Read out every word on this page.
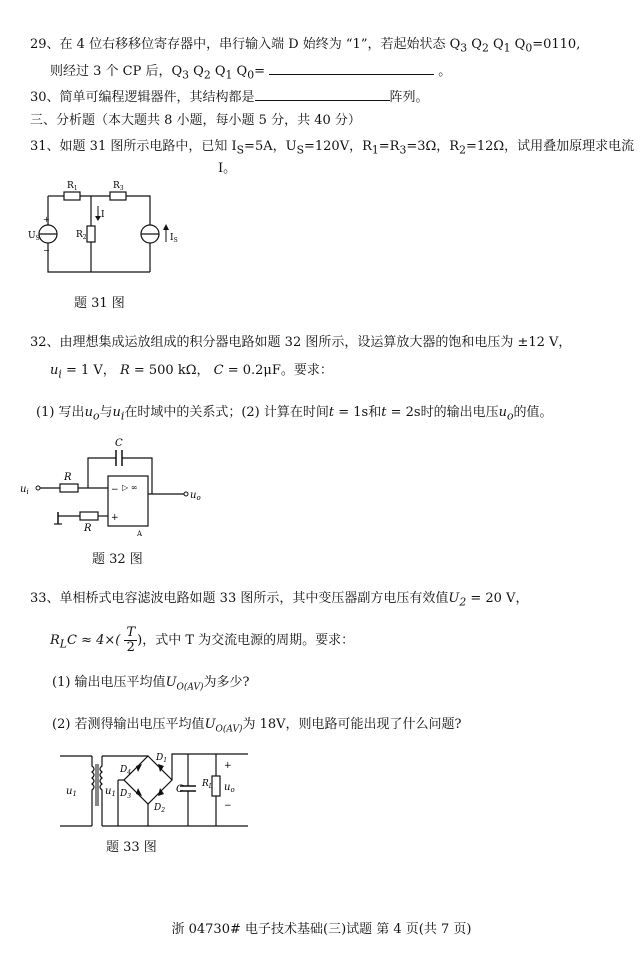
29、在 4 位右移移位寄存器中，串行输入端 D 始终为 “1”，若起始状态 $Q_3$ $Q_2$ $Q_1$ $Q_0=0110$,
则经过 3 个 CP 后，$Q_3$ $Q_2$ $Q_1$ $Q_0=$	。
30、简单可编程逻辑器件，其结构都是	阵列。
三、分析题（本大题共 8 小题，每小题 5 分，共 40 分）
31、如题 31 图所示电路中，已知 $I_S=5A$，$U_S=120V$，$R_1=R_3=3\Omega$，$R_2=12\Omega$，试用叠加原理求电流
I。
$R_1$	$R_3$
$R_2$
I
$U_S$
+
−
$I_S$
题 31 图
32、由理想集成运放组成的积分器电路如题 32 图所示，设运算放大器的饱和电压为 ±12 V，
$u_i = 1$ V， R = 500 kΩ， C = 0.2μF。要求：
(1) 写出$u_o$与$u_i$在时域中的关系式；(2) 计算在时间t = 1s和t = 2s时的输出电压$u_o$的值。
C
R
R
$u_i$	$u_o$
▷ ∞
−
+
A
题 32 图
33、单相桥式电容滤波电路如题 33 图所示，其中变压器副方电压有效值$U_2 = 20$ V，
$R_LC \approx 4\times( \frac{T}{2}$ )，式中 T 为交流电源的周期。要求：
(1) 输出电压平均值$U_{O(AV)}$为多少?
(2) 若测得输出电压平均值$U_{O(AV)}$为 18V，则电路可能出现了什么问题?
$u_1$	$u_1$
$D_1$
$D_4$
$D_3$
$D_2$
C $R_L$
+
$u_o$
−
题 33 图
浙 04730# 电子技术基础(三)试题 第 4 页(共 7 页)
